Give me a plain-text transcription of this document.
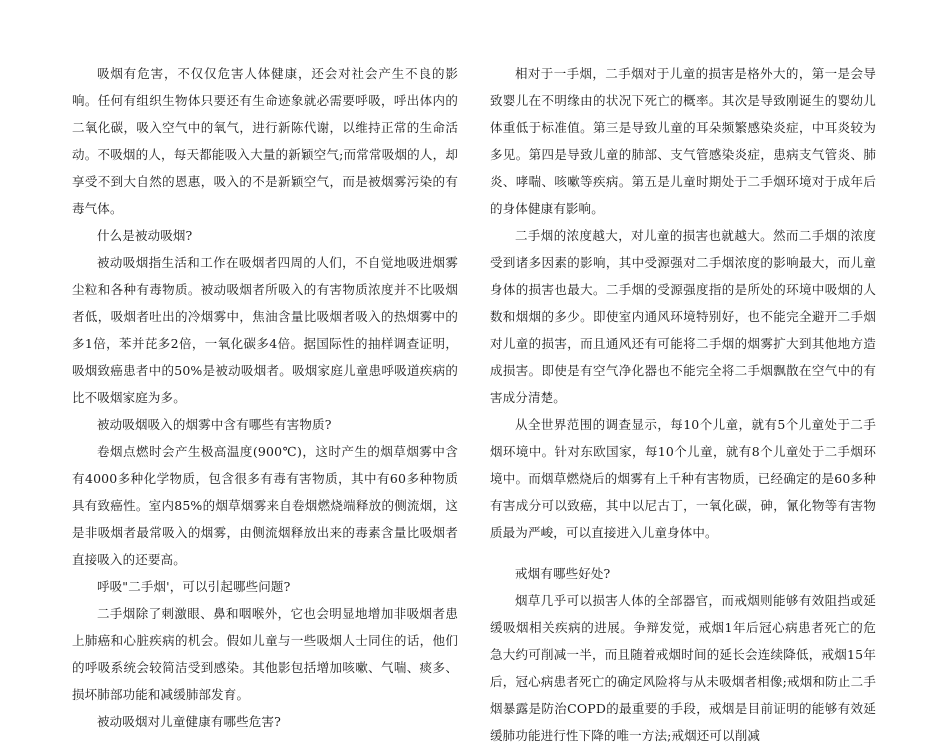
吸烟有危害，不仅仅危害人体健康，还会对社会产生不良的影响。任何有组织生物体只要还有生命迹象就必需要呼吸，呼出体内的二氧化碳，吸入空气中的氧气，进行新陈代谢，以维持正常的生命活动。不吸烟的人，每天都能吸入大量的新颖空气;而常常吸烟的人，却享受不到大自然的恩惠，吸入的不是新颖空气，而是被烟雾污染的有毒气体。

什么是被动吸烟?

被动吸烟指生活和工作在吸烟者四周的人们，不自觉地吸进烟雾尘粒和各种有毒物质。被动吸烟者所吸入的有害物质浓度并不比吸烟者低，吸烟者吐出的冷烟雾中，焦油含量比吸烟者吸入的热烟雾中的多1倍，苯并芘多2倍，一氧化碳多4倍。据国际性的抽样调查证明，吸烟致癌患者中的50%是被动吸烟者。吸烟家庭儿童患呼吸道疾病的比不吸烟家庭为多。

被动吸烟吸入的烟雾中含有哪些有害物质?

卷烟点燃时会产生极高温度(900℃)，这时产生的烟草烟雾中含有4000多种化学物质，包含很多有毒有害物质，其中有60多种物质具有致癌性。室内85%的烟草烟雾来自卷烟燃烧端释放的侧流烟，这是非吸烟者最常吸入的烟雾，由侧流烟释放出来的毒素含量比吸烟者直接吸入的还要高。

呼吸"二手烟'，可以引起哪些问题?

二手烟除了刺激眼、鼻和咽喉外，它也会明显地增加非吸烟者患上肺癌和心脏疾病的机会。假如儿童与一些吸烟人士同住的话，他们的呼吸系统会较简洁受到感染。其他影包括增加咳嗽、气喘、痰多、损坏肺部功能和减缓肺部发育。

被动吸烟对儿童健康有哪些危害?

相对于一手烟，二手烟对于儿童的损害是格外大的，第一是会导致婴儿在不明缘由的状况下死亡的概率。其次是导致刚诞生的婴幼儿体重低于标准值。第三是导致儿童的耳朵频繁感染炎症，中耳炎较为多见。第四是导致儿童的肺部、支气管感染炎症，患病支气管炎、肺炎、哮喘、咳嗽等疾病。第五是儿童时期处于二手烟环境对于成年后的身体健康有影响。

二手烟的浓度越大，对儿童的损害也就越大。然而二手烟的浓度受到诸多因素的影响，其中受源强对二手烟浓度的影响最大，而儿童身体的损害也最大。二手烟的受源强度指的是所处的环境中吸烟的人数和烟烟的多少。即使室内通风环境特别好，也不能完全避开二手烟对儿童的损害，而且通风还有可能将二手烟的烟雾扩大到其他地方造成损害。即使是有空气净化器也不能完全将二手烟飘散在空气中的有害成分清楚。

从全世界范围的调查显示，每10个儿童，就有5个儿童处于二手烟环境中。针对东欧国家，每10个儿童，就有8个儿童处于二手烟环境中。而烟草燃烧后的烟雾有上千种有害物质，已经确定的是60多种有害成分可以致癌，其中以尼古丁，一氧化碳，砷，氰化物等有害物质最为严峻，可以直接进入儿童身体中。

戒烟有哪些好处?

烟草几乎可以损害人体的全部器官，而戒烟则能够有效阻挡或延缓吸烟相关疾病的进展。争辩发觉，戒烟1年后冠心病患者死亡的危急大约可削减一半，而且随着戒烟时间的延长会连续降低，戒烟15年后，冠心病患者死亡的确定风险将与从未吸烟者相像;戒烟和防止二手烟暴露是防治COPD的最重要的手段，戒烟是目前证明的能够有效延缓肺功能进行性下降的唯一方法;戒烟还可以削减
